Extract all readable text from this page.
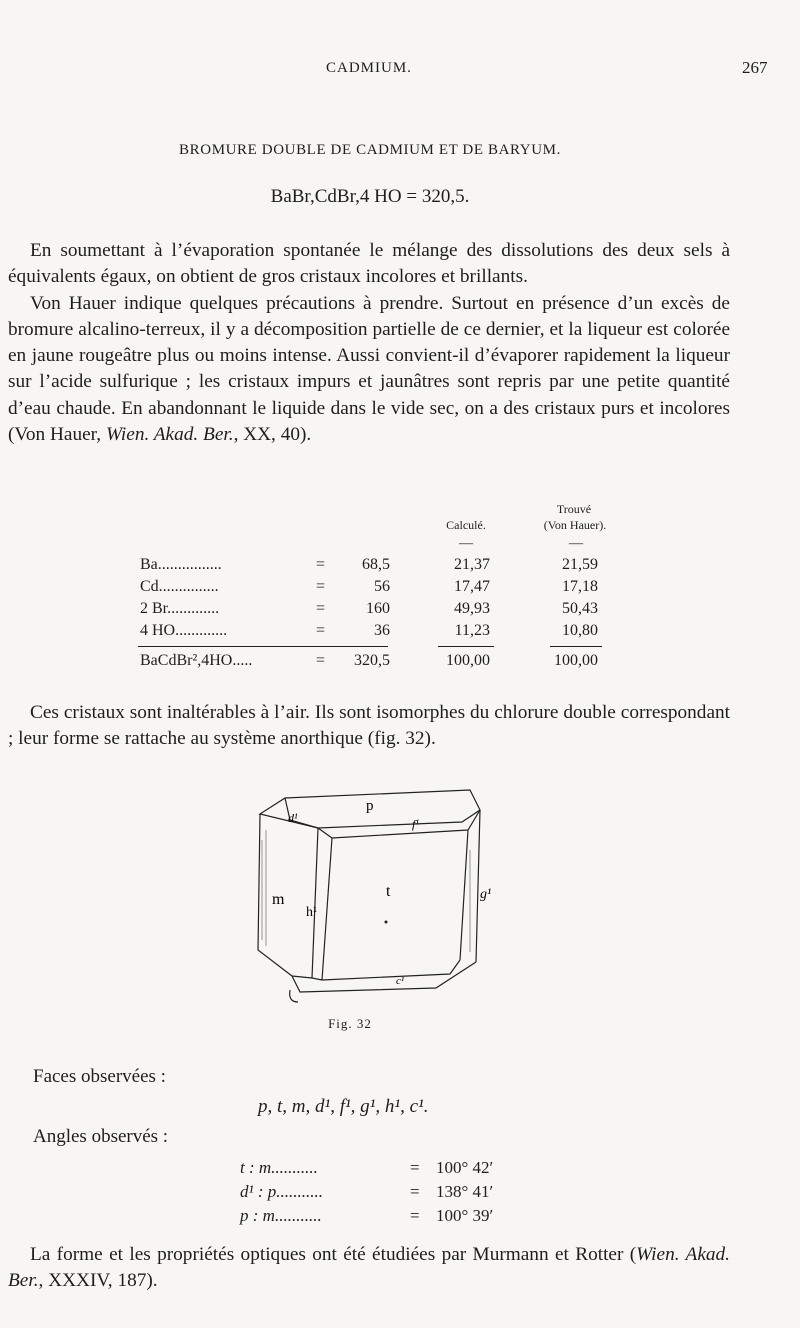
CADMIUM.	267
BROMURE DOUBLE DE CADMIUM ET DE BARYUM.
BaBr,CdBr,4 HO = 320,5.

En soumettant à l’évaporation spontanée le mélange des dissolutions des deux sels à équivalents égaux, on obtient de gros cristaux incolores et brillants.

Von Hauer indique quelques précautions à prendre. Surtout en présence d’un excès de bromure alcalino-terreux, il y a décomposition partielle de ce dernier, et la liqueur est colorée en jaune rougeâtre plus ou moins intense. Aussi convient-il d’évaporer rapidement la liqueur sur l’acide sulfurique ; les cristaux impurs et jaunâtres sont repris par une petite quantité d’eau chaude. En abandonnant le liquide dans le vide sec, on a des cristaux purs et incolores (Von Hauer, Wien. Akad. Ber., XX, 40).

Trouvé
Calculé.	(Von Hauer).
—	—
Ba................	=	68,5	21,37	21,59
Cd...............	=	56	17,47	17,18
2 Br.............	=	160	49,93	50,43
4 HO.............	=	36	11,23	10,80
BaCdBr²,4HO.....	=	320,5	100,00	100,00

Ces cristaux sont inaltérables à l’air. Ils sont isomorphes du chlorure double correspondant ; leur forme se rattache au système anorthique (fig. 32).

p
d¹	f¹
m
h¹
t	g¹
c¹
Fig. 32
Faces observées :
p, t, m, d¹, f¹, g¹, h¹, c¹.
Angles observés :
t : m...........	= 100° 42′
d¹ : p...........	= 138° 41′
p : m...........	= 100° 39′

La forme et les propriétés optiques ont été étudiées par Murmann et Rotter (Wien. Akad. Ber., XXXIV, 187).
